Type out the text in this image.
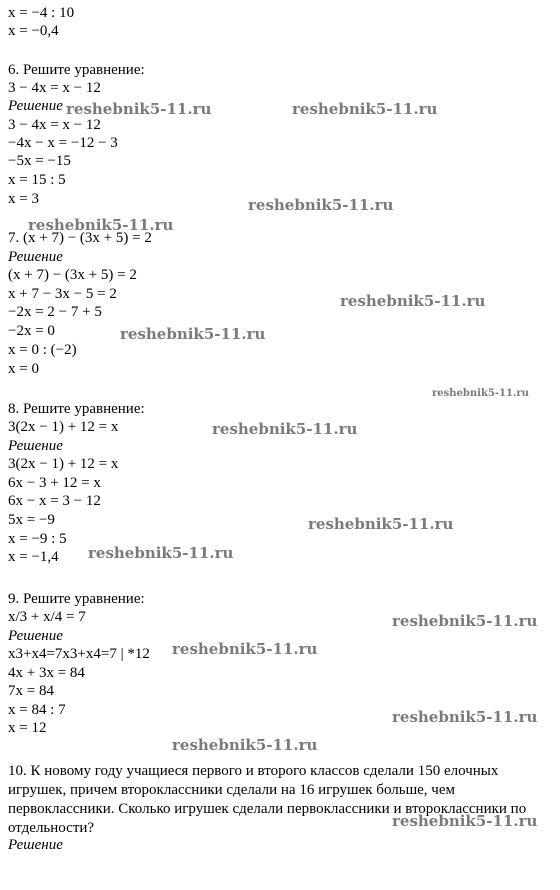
x = −4 : 10
x = −0,4
6. Решите уравнение:
3 − 4x = x − 12
Решение
3 − 4x = x − 12
−4x − x = −12 − 3
−5x = −15
x = 15 : 5
x = 3
7. (x + 7) − (3x + 5) = 2
Решение
(x + 7) − (3x + 5) = 2
x + 7 − 3x − 5 = 2
−2x = 2 − 7 + 5
−2x = 0
x = 0 : (−2)
x = 0
8. Решите уравнение:
3(2x − 1) + 12 = x
Решение
3(2x − 1) + 12 = x
6x − 3 + 12 = x
6x − x = 3 − 12
5x = −9
x = −9 : 5
x = −1,4
9. Решите уравнение:
x/3 + x/4 = 7
Решение
x3+x4=7x3+x4=7 | *12
4x + 3x = 84
7x = 84
x = 84 : 7
x = 12
10. К новому году учащиеся первого и второго классов сделали 150 елочных игрушек, причем второклассники сделали на 16 игрушек больше, чем первоклассники. Сколько игрушек сделали первоклассники и второклассники по отдельности?
Решение
reshebnik5-11.ru	reshebnik5-11.ru
reshebnik5-11.ru
reshebnik5-11.ru
reshebnik5-11.ru
reshebnik5-11.ru
reshebnik5-11.ru
reshebnik5-11.ru
reshebnik5-11.ru
reshebnik5-11.ru
reshebnik5-11.ru
reshebnik5-11.ru
reshebnik5-11.ru
reshebnik5-11.ru
reshebnik5-11.ru
